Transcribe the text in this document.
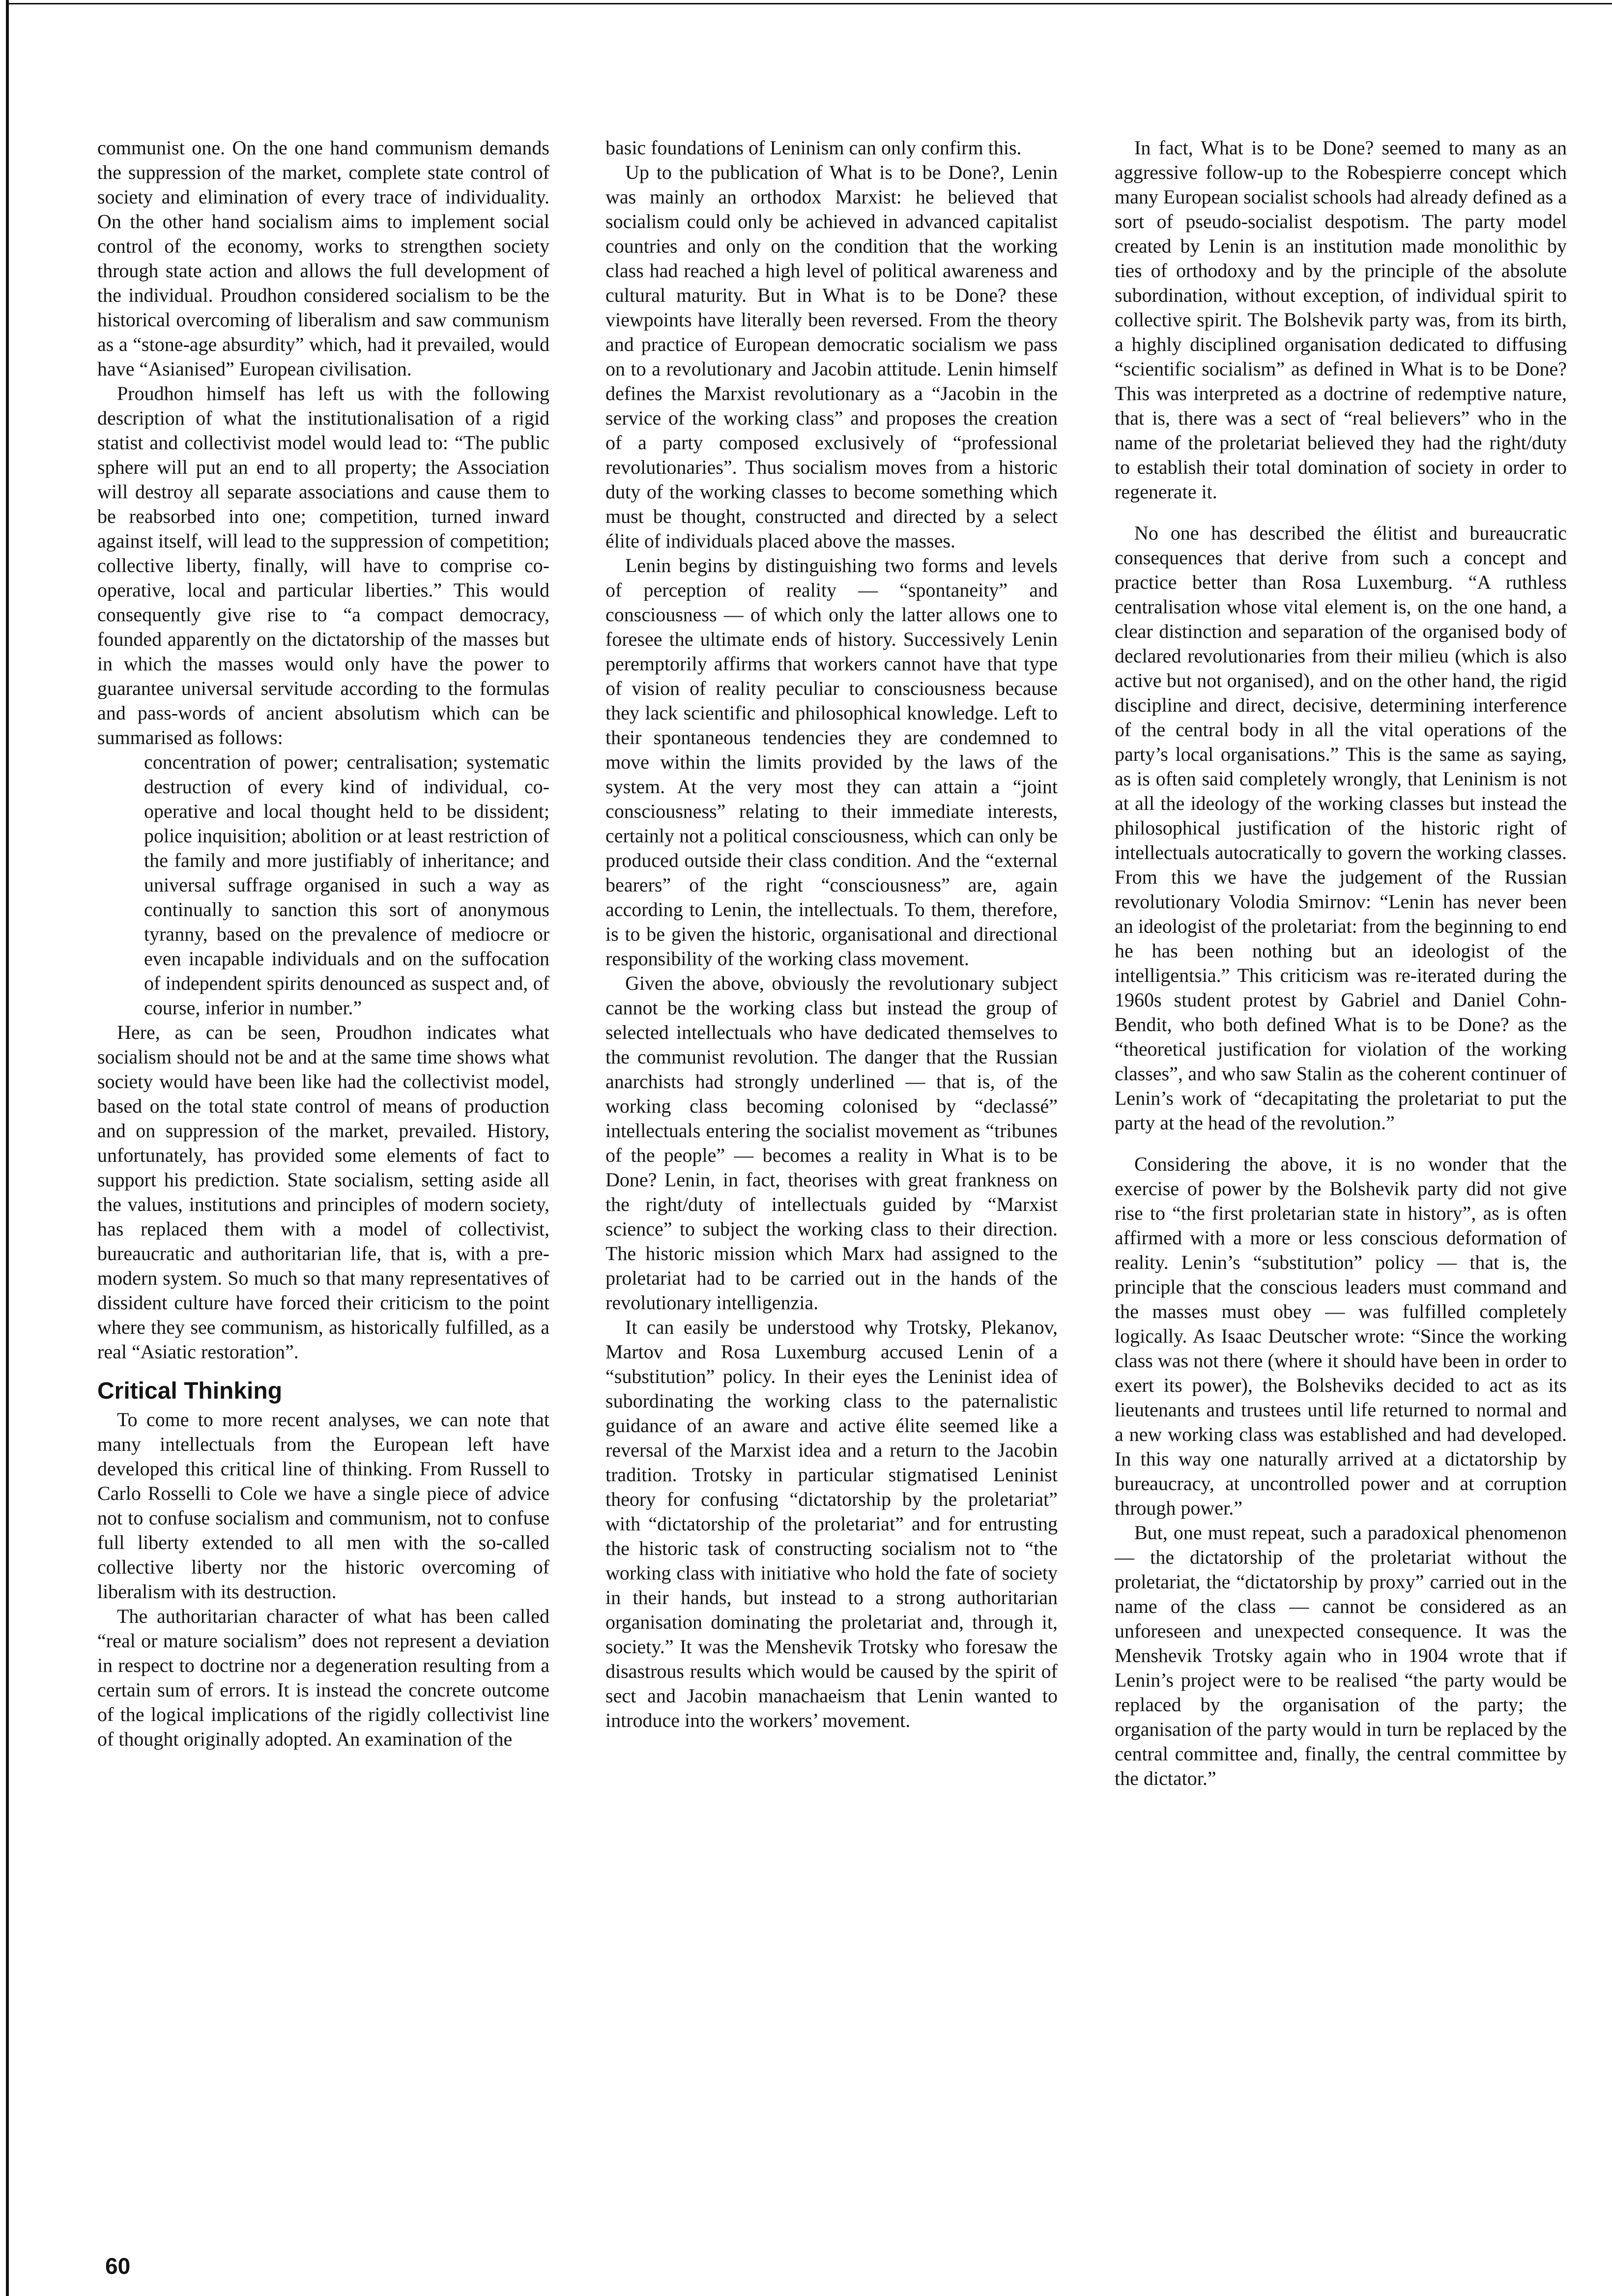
communist one. On the one hand communism demands the suppression of the market, complete state control of society and elimination of every trace of individuality. On the other hand socialism aims to implement social control of the economy, works to strengthen society through state action and allows the full development of the individual. Proudhon considered socialism to be the historical overcoming of liberalism and saw communism as a “stone-age absurdity” which, had it prevailed, would have “Asianised” European civilisation.

Proudhon himself has left us with the following description of what the institutionalisation of a rigid statist and collectivist model would lead to: “The public sphere will put an end to all property; the Association will destroy all separate associations and cause them to be reabsorbed into one; competition, turned inward against itself, will lead to the suppression of competition; collective liberty, finally, will have to comprise co-operative, local and particular liberties.” This would consequently give rise to “a compact democracy, founded apparently on the dictatorship of the masses but in which the masses would only have the power to guarantee universal servitude according to the formulas and pass-words of ancient absolutism which can be summarised as follows:

concentration of power; centralisation; systematic destruction of every kind of individual, co-operative and local thought held to be dissident; police inquisition; abolition or at least restriction of the family and more justifiably of inheritance; and universal suffrage organised in such a way as continually to sanction this sort of anonymous tyranny, based on the prevalence of mediocre or even incapable individuals and on the suffocation of independent spirits denounced as suspect and, of course, inferior in number.”

Here, as can be seen, Proudhon indicates what socialism should not be and at the same time shows what society would have been like had the collectivist model, based on the total state control of means of production and on suppression of the market, prevailed. History, unfortunately, has provided some elements of fact to support his prediction. State socialism, setting aside all the values, institutions and principles of modern society, has replaced them with a model of collectivist, bureaucratic and authoritarian life, that is, with a pre-modern system. So much so that many representatives of dissident culture have forced their criticism to the point where they see communism, as historically fulfilled, as a real “Asiatic restoration”.

Critical Thinking

To come to more recent analyses, we can note that many intellectuals from the European left have developed this critical line of thinking. From Russell to Carlo Rosselli to Cole we have a single piece of advice not to confuse socialism and communism, not to confuse full liberty extended to all men with the so-called collective liberty nor the historic overcoming of liberalism with its destruction.

The authoritarian character of what has been called “real or mature socialism” does not represent a deviation in respect to doctrine nor a degeneration resulting from a certain sum of errors. It is instead the concrete outcome of the logical implications of the rigidly collectivist line of thought originally adopted. An examination of the

basic foundations of Leninism can only confirm this.

Up to the publication of What is to be Done?, Lenin was mainly an orthodox Marxist: he believed that socialism could only be achieved in advanced capitalist countries and only on the condition that the working class had reached a high level of political awareness and cultural maturity. But in What is to be Done? these viewpoints have literally been reversed. From the theory and practice of European democratic socialism we pass on to a revolutionary and Jacobin attitude. Lenin himself defines the Marxist revolutionary as a “Jacobin in the service of the working class” and proposes the creation of a party composed exclusively of “professional revolutionaries”. Thus socialism moves from a historic duty of the working classes to become something which must be thought, constructed and directed by a select élite of individuals placed above the masses.

Lenin begins by distinguishing two forms and levels of perception of reality — “spontaneity” and consciousness — of which only the latter allows one to foresee the ultimate ends of history. Successively Lenin peremptorily affirms that workers cannot have that type of vision of reality peculiar to consciousness because they lack scientific and philosophical knowledge. Left to their spontaneous tendencies they are condemned to move within the limits provided by the laws of the system. At the very most they can attain a “joint consciousness” relating to their immediate interests, certainly not a political consciousness, which can only be produced outside their class condition. And the “external bearers” of the right “consciousness” are, again according to Lenin, the intellectuals. To them, therefore, is to be given the historic, organisational and directional responsibility of the working class movement.

Given the above, obviously the revolutionary subject cannot be the working class but instead the group of selected intellectuals who have dedicated themselves to the communist revolution. The danger that the Russian anarchists had strongly underlined — that is, of the working class becoming colonised by “declassé” intellectuals entering the socialist movement as “tribunes of the people” — becomes a reality in What is to be Done? Lenin, in fact, theorises with great frankness on the right/duty of intellectuals guided by “Marxist science” to subject the working class to their direction. The historic mission which Marx had assigned to the proletariat had to be carried out in the hands of the revolutionary intelligenzia.

It can easily be understood why Trotsky, Plekanov, Martov and Rosa Luxemburg accused Lenin of a “substitution” policy. In their eyes the Leninist idea of subordinating the working class to the paternalistic guidance of an aware and active élite seemed like a reversal of the Marxist idea and a return to the Jacobin tradition. Trotsky in particular stigmatised Leninist theory for confusing “dictatorship by the proletariat” with “dictatorship of the proletariat” and for entrusting the historic task of constructing socialism not to “the working class with initiative who hold the fate of society in their hands, but instead to a strong authoritarian organisation dominating the proletariat and, through it, society.” It was the Menshevik Trotsky who foresaw the disastrous results which would be caused by the spirit of sect and Jacobin manachaeism that Lenin wanted to introduce into the workers’ movement.

In fact, What is to be Done? seemed to many as an aggressive follow-up to the Robespierre concept which many European socialist schools had already defined as a sort of pseudo-socialist despotism. The party model created by Lenin is an institution made monolithic by ties of orthodoxy and by the principle of the absolute subordination, without exception, of individual spirit to collective spirit. The Bolshevik party was, from its birth, a highly disciplined organisation dedicated to diffusing “scientific socialism” as defined in What is to be Done? This was interpreted as a doctrine of redemptive nature, that is, there was a sect of “real believers” who in the name of the proletariat believed they had the right/duty to establish their total domination of society in order to regenerate it.

No one has described the élitist and bureaucratic consequences that derive from such a concept and practice better than Rosa Luxemburg. “A ruthless centralisation whose vital element is, on the one hand, a clear distinction and separation of the organised body of declared revolutionaries from their milieu (which is also active but not organised), and on the other hand, the rigid discipline and direct, decisive, determining interference of the central body in all the vital operations of the party’s local organisations.” This is the same as saying, as is often said completely wrongly, that Leninism is not at all the ideology of the working classes but instead the philosophical justification of the historic right of intellectuals autocratically to govern the working classes. From this we have the judgement of the Russian revolutionary Volodia Smirnov: “Lenin has never been an ideologist of the proletariat: from the beginning to end he has been nothing but an ideologist of the intelligentsia.” This criticism was re-iterated during the 1960s student protest by Gabriel and Daniel Cohn-Bendit, who both defined What is to be Done? as the “theoretical justification for violation of the working classes”, and who saw Stalin as the coherent continuer of Lenin’s work of “decapitating the proletariat to put the party at the head of the revolution.”

Considering the above, it is no wonder that the exercise of power by the Bolshevik party did not give rise to “the first proletarian state in history”, as is often affirmed with a more or less conscious deformation of reality. Lenin’s “substitution” policy — that is, the principle that the conscious leaders must command and the masses must obey — was fulfilled completely logically. As Isaac Deutscher wrote: “Since the working class was not there (where it should have been in order to exert its power), the Bolsheviks decided to act as its lieutenants and trustees until life returned to normal and a new working class was established and had developed. In this way one naturally arrived at a dictatorship by bureaucracy, at uncontrolled power and at corruption through power.”

But, one must repeat, such a paradoxical phenomenon — the dictatorship of the proletariat without the proletariat, the “dictatorship by proxy” carried out in the name of the class — cannot be considered as an unforeseen and unexpected consequence. It was the Menshevik Trotsky again who in 1904 wrote that if Lenin’s project were to be realised “the party would be replaced by the organisation of the party; the organisation of the party would in turn be replaced by the central committee and, finally, the central committee by the dictator.”

60
